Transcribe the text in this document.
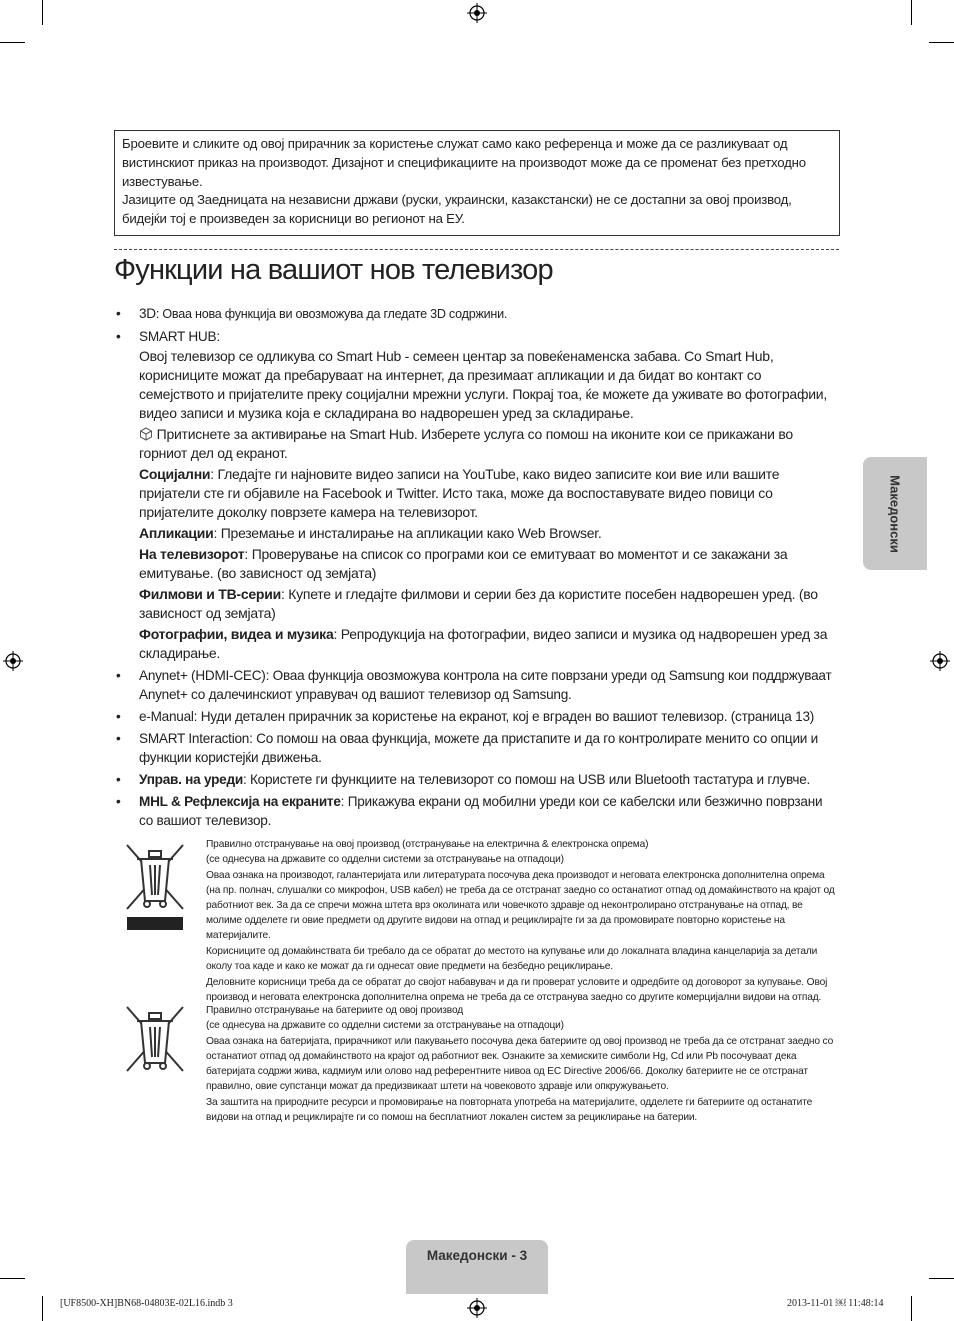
Броевите и сликите од овој прирачник за користење служат само како референца и може да се разликуваат од вистинскиот приказ на производот. Дизајнот и спецификациите на производот може да се променат без претходно известување.

Јазиците од Заедницата на независни држави (руски, украински, казакстански) не се достапни за овој производ, бидејќи тој е произведен за корисници во регионот на ЕУ.

Функции на вашиот нов телевизор
• 3D: Оваа нова функција ви овозможува да гледате 3D содржини.
• SMART HUB:
Овој телевизор се одликува со Smart Hub - семеен центар за повеќенаменска забава. Со Smart Hub, корисниците можат да пребаруваат на интернет, да презимаат апликации и да бидат во контакт со семејството и пријателите преку социјални мрежни услуги. Покрај тоа, ќе можете да уживате во фотографии, видео записи и музика која е складирана во надворешен уред за складирање.
Притиснете за активирање на Smart Hub. Изберете услуга со помош на иконите кои се прикажани во горниот дел од екранот.
Социјални: Гледајте ги најновите видео записи на YouTube, како видео записите кои вие или вашите пријатели сте ги објавиле на Facebook и Twitter. Исто така, може да воспоставувате видео повици со пријателите доколку поврзете камера на телевизорот.
Апликации: Преземање и инсталирање на апликации како Web Browser.
На телевизорот: Проверување на список со програми кои се емитуваат во моментот и се закажани за емитување. (во зависност од земјата)
Филмови и ТВ-серии: Купете и гледајте филмови и серии без да користите посебен надворешен уред. (во зависност од земјата)
Фотографии, видеа и музика: Репродукција на фотографии, видео записи и музика од надворешен уред за складирање.
• Anynet+ (HDMI-CEC): Оваа функција овозможува контрола на сите поврзани уреди од Samsung кои поддржуваат Anynet+ со далечинскиот управувач од вашиот телевизор од Samsung.
• e-Manual: Нуди детален прирачник за користење на екранот, кој е вграден во вашиот телевизор. (страница 13)
• SMART Interaction: Со помош на оваа функција, можете да пристапите и да го контролирате менито со опции и функции користејќи движења.
• Управ. на уреди: Користете ги функциите на телевизорот со помош на USB или Bluetooth тастатура и глувче.
• MHL & Рефлексија на екраните: Прикажува екрани од мобилни уреди кои се кабелски или безжично поврзани со вашиот телевизор.
Македонски

Правилно отстранување на овој производ (отстранување на електрична & електронска опрема)

(се однесува на државите со одделни системи за отстранување на отпадоци)

Оваа ознака на производот, галантеријата или литературата посочува дека производот и неговата електронска дополнителна опрема (на пр. полнач, слушалки со микрофон, USB кабел) не треба да се отстранат заедно со останатиот отпад од домаќинството на крајот од работниот век. За да се спречи можна штета врз околината или човечкото здравје од неконтролирано отстранување на отпад, ве молиме одделете ги овие предмети од другите видови на отпад и рециклирајте ги за да промовирате повторно користење на материјалите.

Корисниците од домаќинствата би требало да се обратат до местото на купување или до локалната владина канцеларија за детали околу тоа каде и како ке можат да ги однесат овие предмети на безбедно рециклирање.

Деловните корисници треба да се обратат до својот набавувач и да ги проверат условите и одредбите од договорот за купување. Овој производ и неговата електронска дополнителна опрема не треба да се отстранува заедно со другите комерцијални видови на отпад.

Правилно отстранување на батериите од овој производ

(се однесува на државите со одделни системи за отстранување на отпадоци)

Оваа ознака на батеријата, прирачникот или пакувањето посочува дека батериите од овој производ не треба да се отстранат заедно со останатиот отпад од домаќинството на крајот од работниот век. Ознаките за хемиските симболи Hg, Cd или Pb посочуваат дека батеријата содржи жива, кадмиум или олово над референтните нивоа од EC Directive 2006/66. Доколку батериите не се отстранат правилно, овие супстанци можат да предизвикаат штети на човековото здравје или опкружувањето.

За заштита на природните ресурси и промовирање на повторната употреба на материјалите, одделете ги батериите од останатите видови на отпад и рециклирајте ги со помош на бесплатниот локален систем за рециклирање на батерии.

Македонски - 3
[UF8500-XH]BN68-04803E-02L16.indb 3	2013-11-01 ￼ 11:48:14
